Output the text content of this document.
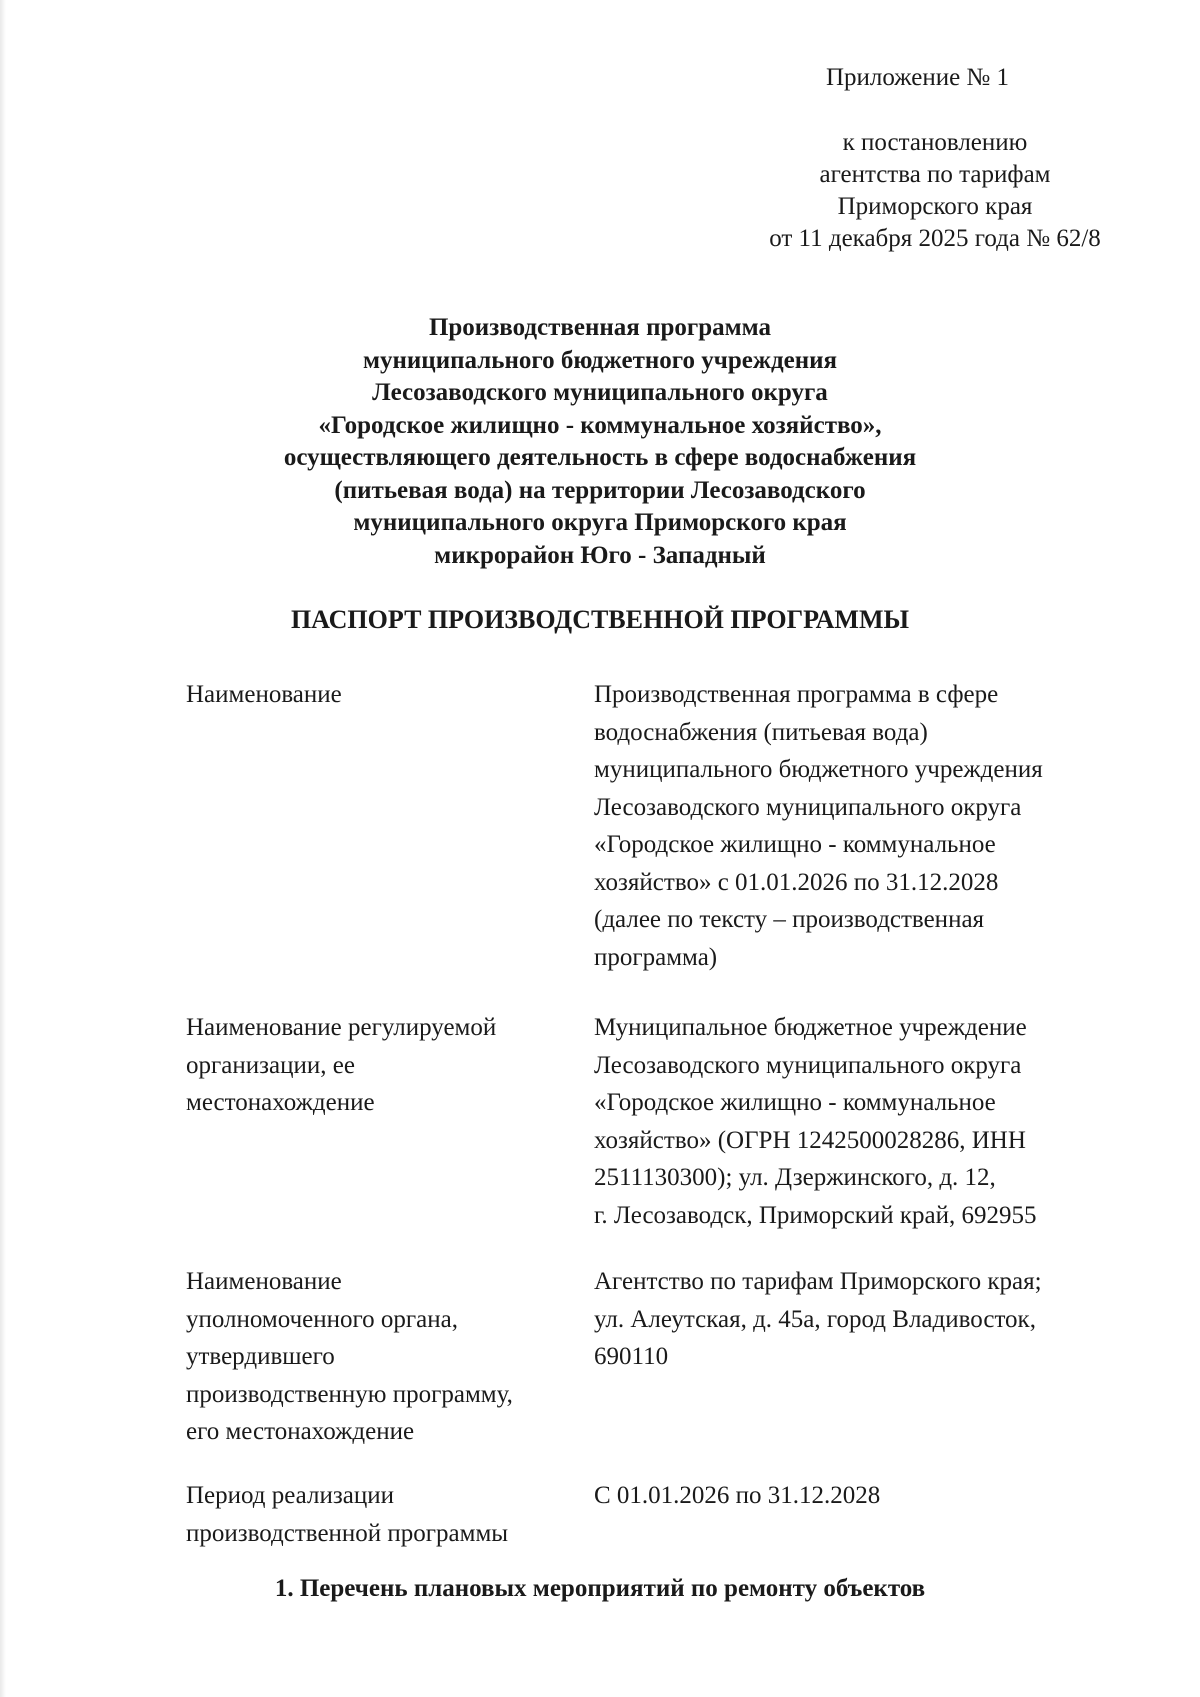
Приложение № 1
к постановлению
агентства по тарифам
Приморского края
от 11 декабря 2025 года № 62/8
Производственная программа
муниципального бюджетного учреждения
Лесозаводского муниципального округа
«Городское жилищно - коммунальное хозяйство»,
осуществляющего деятельность в сфере водоснабжения
(питьевая вода) на территории Лесозаводского
муниципального округа Приморского края
микрорайон Юго - Западный
ПАСПОРТ ПРОИЗВОДСТВЕННОЙ ПРОГРАММЫ
Наименование	Производственная программа в сфере
водоснабжения (питьевая вода)
муниципального бюджетного учреждения
Лесозаводского муниципального округа
«Городское жилищно - коммунальное
хозяйство» с 01.01.2026 по 31.12.2028
(далее по тексту – производственная
программа)
Наименование регулируемой
организации, ее
местонахождение
Муниципальное бюджетное учреждение
Лесозаводского муниципального округа
«Городское жилищно - коммунальное
хозяйство» (ОГРН 1242500028286, ИНН
2511130300); ул. Дзержинского, д. 12,
г. Лесозаводск, Приморский край, 692955
Наименование
уполномоченного органа,
утвердившего
производственную программу,
его местонахождение
Агентство по тарифам Приморского края;
ул. Алеутская, д. 45а, город Владивосток,
690110
Период реализации
производственной программы
С 01.01.2026 по 31.12.2028
1. Перечень плановых мероприятий по ремонту объектов
